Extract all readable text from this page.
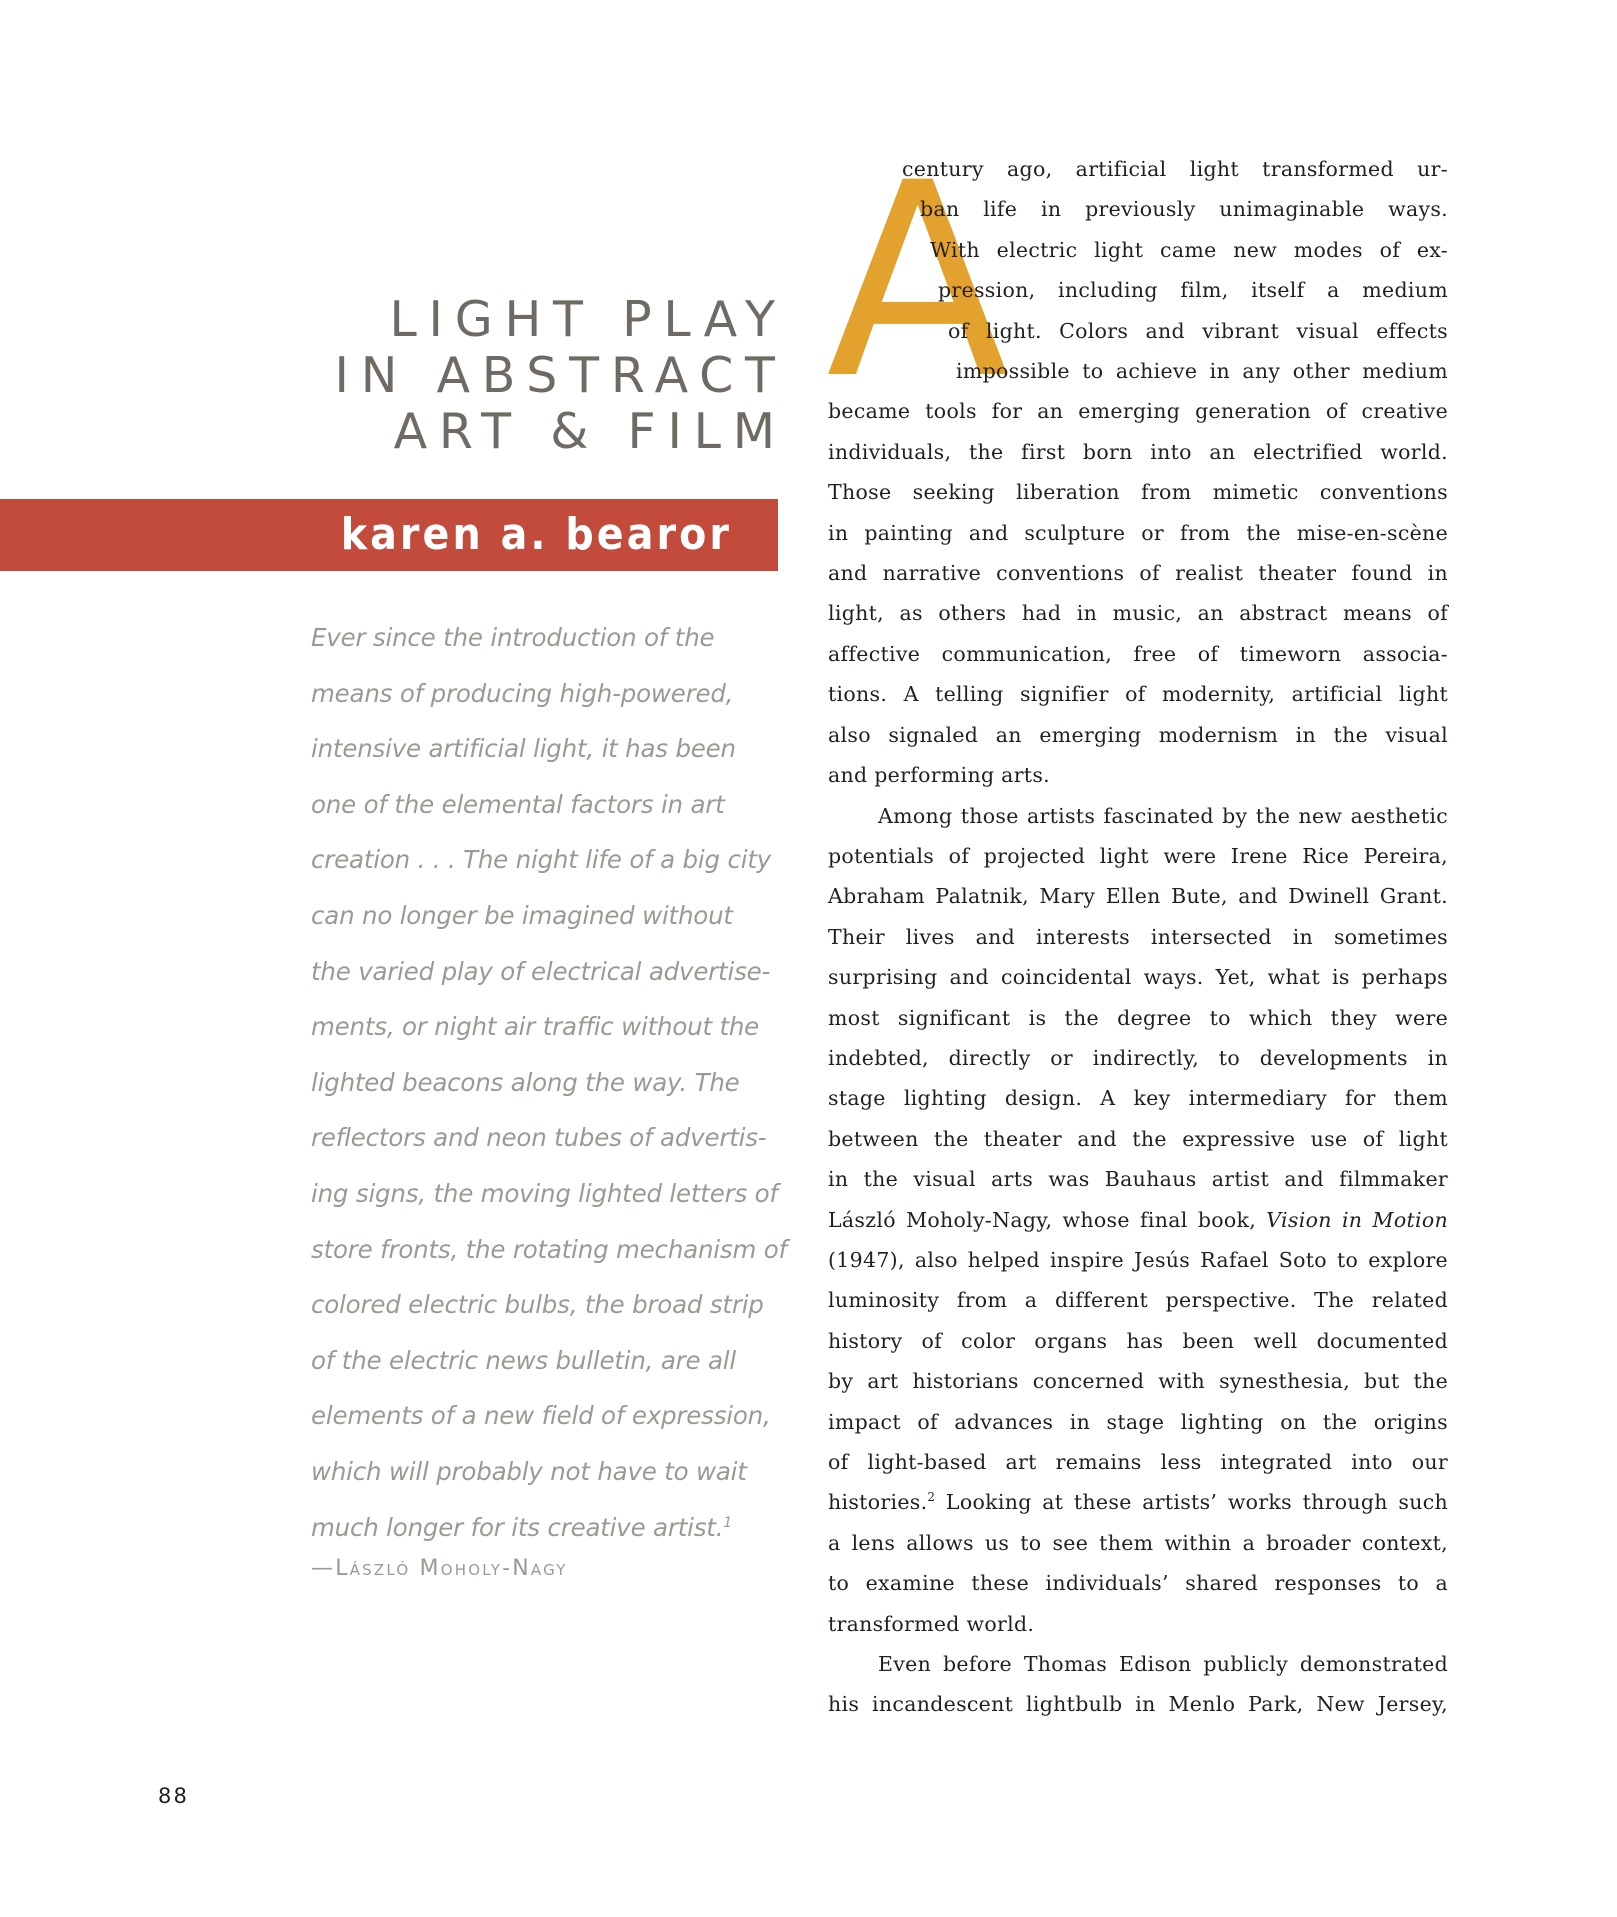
LIGHT PLAY
IN ABSTRACT
ART & FILM
karen a. bearor

Ever since the introduction of the
means of producing high-powered,
intensive artificial light, it has been
one of the elemental factors in art
creation . . . The night life of a big city
can no longer be imagined without
the varied play of electrical advertise-
ments, or night air traffic without the
lighted beacons along the way. The
reflectors and neon tubes of advertis-
ing signs, the moving lighted letters of
store fronts, the rotating mechanism of
colored electric bulbs, the broad strip
of the electric news bulletin, are all
elements of a new field of expression,
which will probably not have to wait
much longer for its creative artist.$^1$

—László Moholy-Nagy
A

century ago, artificial light transformed ur-
ban life in previously unimaginable ways.
With electric light came new modes of ex-
pression, including film, itself a medium
of light. Colors and vibrant visual effects
impossible to achieve in any other medium
became tools for an emerging generation of creative
individuals, the first born into an electrified world.
Those seeking liberation from mimetic conventions
in painting and sculpture or from the mise-en-scène
and narrative conventions of realist theater found in
light, as others had in music, an abstract means of
affective communication, free of timeworn associa-
tions. A telling signifier of modernity, artificial light
also signaled an emerging modernism in the visual
and performing arts.

Among those artists fascinated by the new aesthetic
potentials of projected light were Irene Rice Pereira,
Abraham Palatnik, Mary Ellen Bute, and Dwinell Grant.
Their lives and interests intersected in sometimes
surprising and coincidental ways. Yet, what is perhaps
most significant is the degree to which they were
indebted, directly or indirectly, to developments in
stage lighting design. A key intermediary for them
between the theater and the expressive use of light
in the visual arts was Bauhaus artist and filmmaker
László Moholy-Nagy, whose final book, Vision in Motion
(1947), also helped inspire Jesús Rafael Soto to explore
luminosity from a different perspective. The related
history of color organs has been well documented
by art historians concerned with synesthesia, but the
impact of advances in stage lighting on the origins
of light-based art remains less integrated into our
histories.$^2$ Looking at these artists’ works through such
a lens allows us to see them within a broader context,
to examine these individuals’ shared responses to a
transformed world.

Even before Thomas Edison publicly demonstrated
his incandescent lightbulb in Menlo Park, New Jersey,

88
